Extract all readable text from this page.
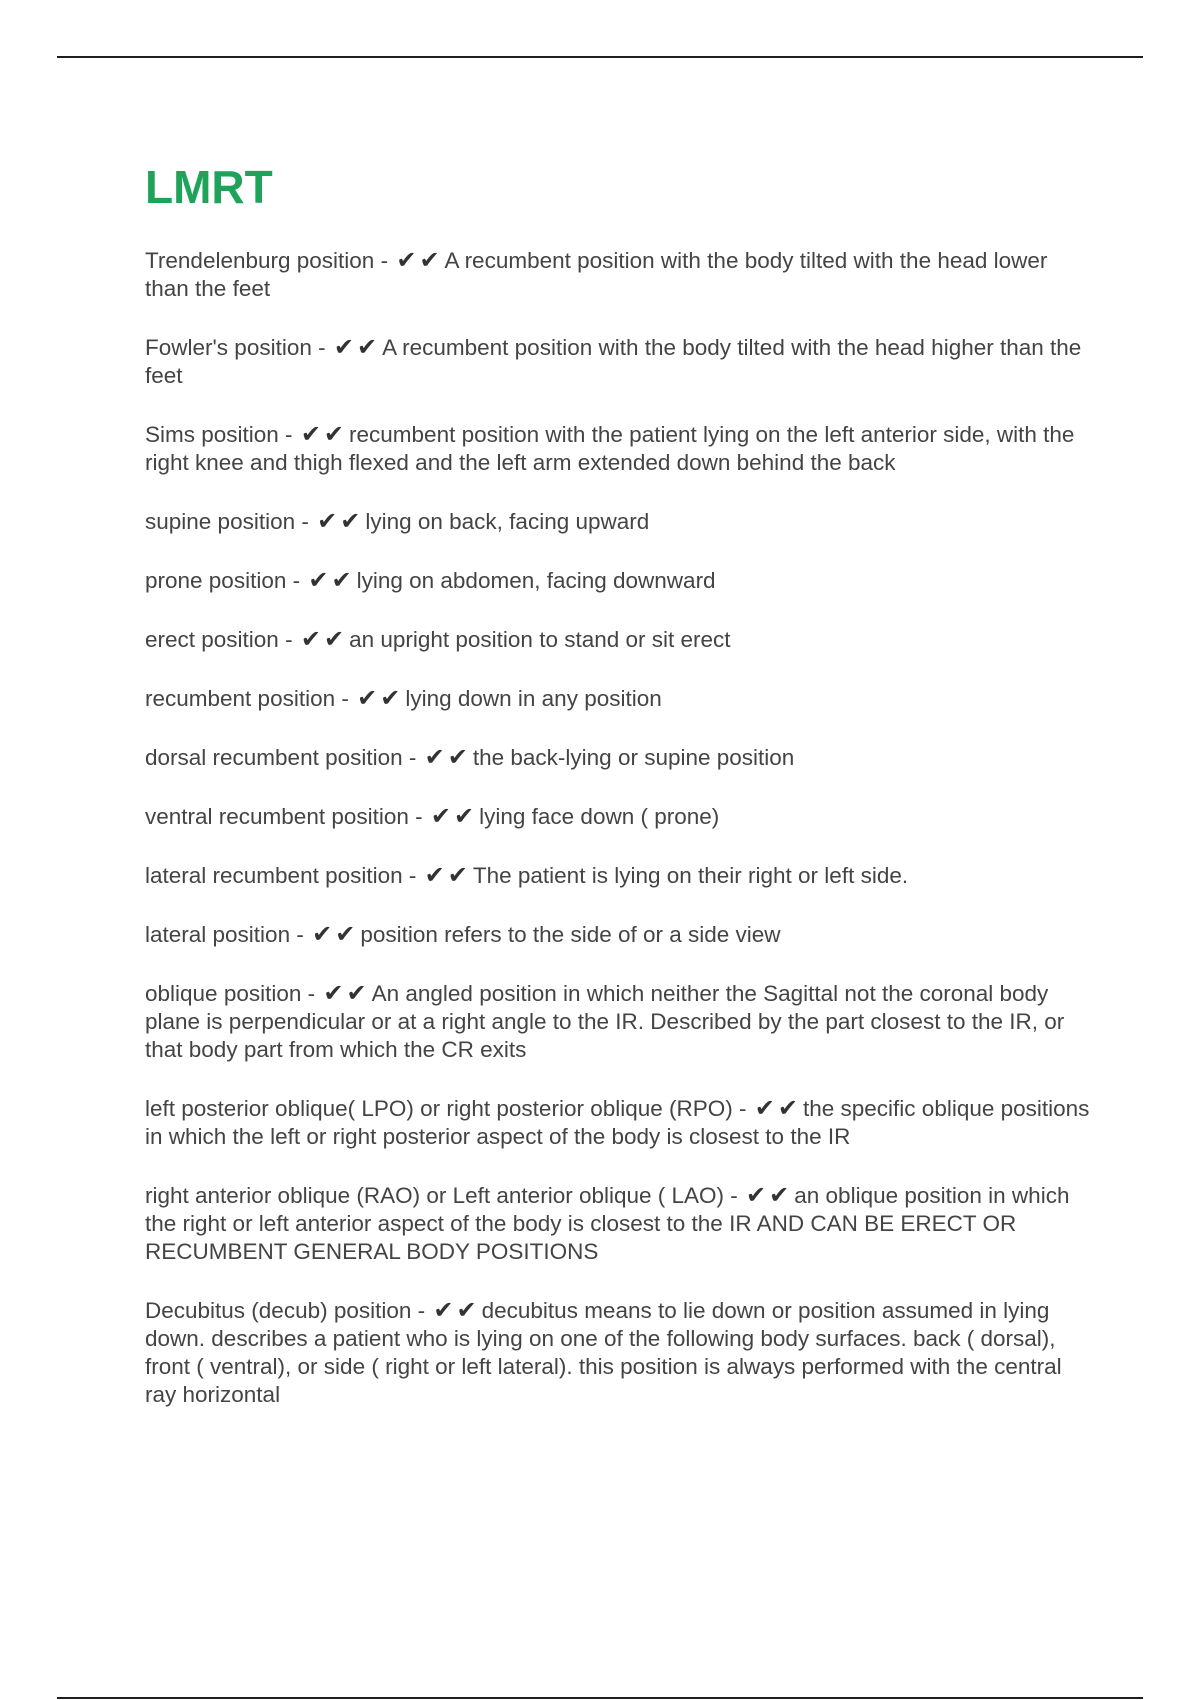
LMRT

Trendelenburg position - ✔✔A recumbent position with the body tilted with the head lower than the feet

Fowler's position - ✔✔A recumbent position with the body tilted with the head higher than the feet

Sims position - ✔✔recumbent position with the patient lying on the left anterior side, with the right knee and thigh flexed and the left arm extended down behind the back

supine position - ✔✔lying on back, facing upward

prone position - ✔✔lying on abdomen, facing downward

erect position - ✔✔an upright position to stand or sit erect

recumbent position - ✔✔lying down in any position

dorsal recumbent position - ✔✔the back-lying or supine position

ventral recumbent position - ✔✔lying face down ( prone)

lateral recumbent position - ✔✔The patient is lying on their right or left side.

lateral position - ✔✔position refers to the side of or a side view

oblique position - ✔✔An angled position in which neither the Sagittal not the coronal body plane is perpendicular or at a right angle to the IR. Described by the part closest to the IR, or that body part from which the CR exits

left posterior oblique( LPO) or right posterior oblique (RPO) - ✔✔the specific oblique positions in which the left or right posterior aspect of the body is closest to the IR

right anterior oblique (RAO) or Left anterior oblique ( LAO) - ✔✔an oblique position in which the right or left anterior aspect of the body is closest to the IR AND CAN BE ERECT OR RECUMBENT GENERAL BODY POSITIONS

Decubitus (decub) position - ✔✔decubitus means to lie down or position assumed in lying down. describes a patient who is lying on one of the following body surfaces. back ( dorsal), front ( ventral), or side ( right or left lateral). this position is always performed with the central ray horizontal
